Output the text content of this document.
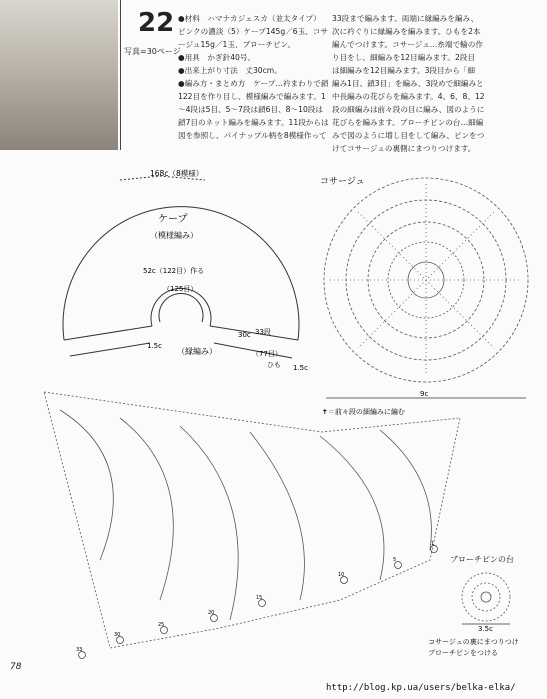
22
写真=30ページ
●材料　ハマナカジェスカ（並太タイプ）
ピンクの濃淡（5）ケープ145g／6玉、コサ
ージュ15g／1玉、ブローチピン。
●用具　かぎ針40号。
●出来上がり寸法　丈30cm。
●編み方・まとめ方　ケープ…衿まわりで鎖
122目を作り目し、模様編みで編みます。1
〜4段は5目、5〜7段は鎖6目、8〜10段は
鎖7目のネット編みを編みます。11段からは
図を参照し、パイナップル柄を8模様作って
33段まで編みます。両端に縁編みを編み、
次に衿ぐりに縁編みを編みます。ひもを2本
編んでつけます。コサージュ…糸端で輪の作
り目をし、細編みを12目編みます。2段目
は細編みを12目編みます。3段目から「細
編み1目、鎖3目」を編み、3段めで細編みと
中長編みの花びらを編みます。4、6、8、12
段の細編みは前々段の目に編み、図のように
花びらを編みます。ブローチピンの台…細編
みで図のように増し目をして編み、ピンをつ
けてコサージュの裏側にまつりつけます。
168c（8模様）
ケープ
（模様編み）
52c（122目）作る
（125目）
（縁編み）	（77目）
30c 33段
ひも
1.5c
1.5c
コサージュ
9c
✝＝前々段の細編みに編む
33
30
25
20
15
10
5
1
ブローチピンの台
3.5c
コサージュの裏にまつりつけ
ブローチピンをつける
78
http://blog.kp.ua/users/belka-elka/
